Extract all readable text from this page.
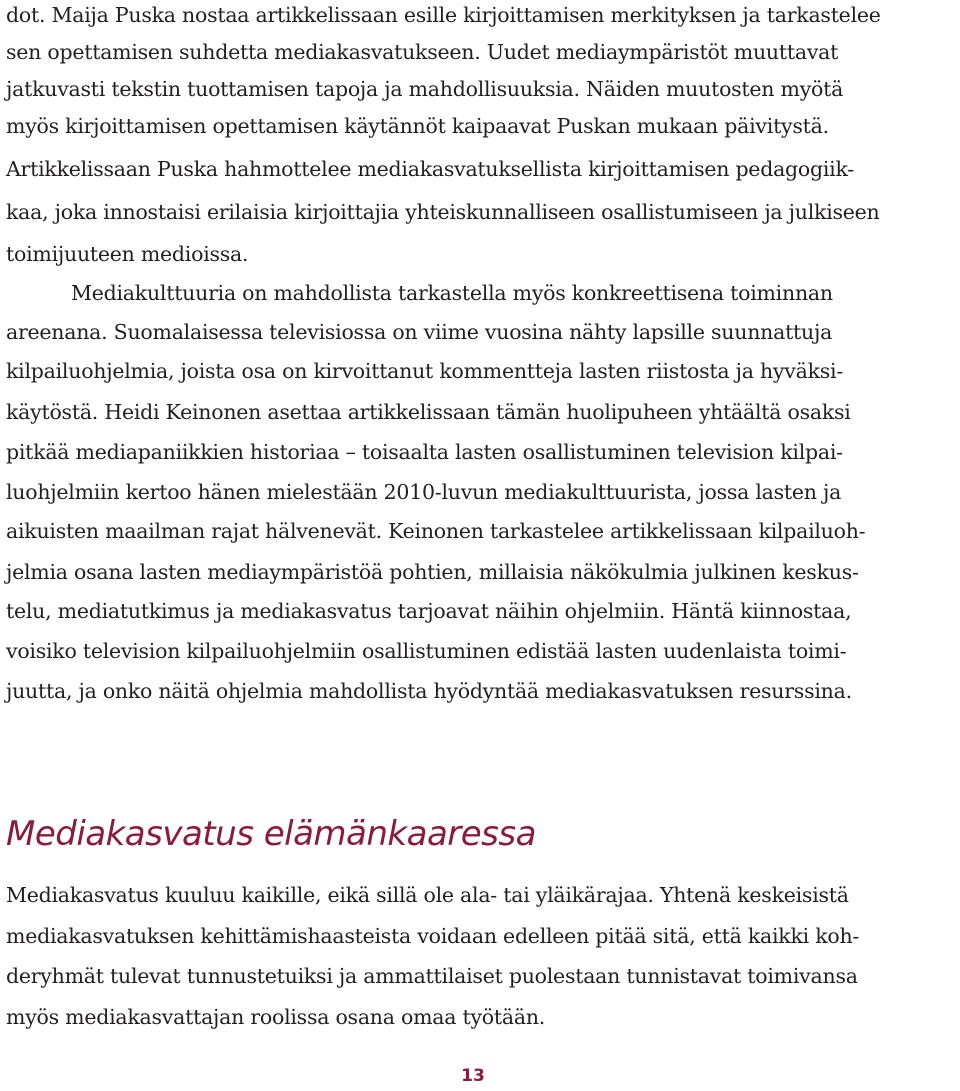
dot. Maija Puska nostaa artikkelissaan esille kirjoittamisen merkityksen ja tarkastelee
sen opettamisen suhdetta mediakasvatukseen. Uudet mediaympäristöt muuttavat
jatkuvasti tekstin tuottamisen tapoja ja mahdollisuuksia. Näiden muutosten myötä
myös kirjoittamisen opettamisen käytännöt kaipaavat Puskan mukaan päivitystä.
Artikkelissaan Puska hahmottelee mediakasvatuksellista kirjoittamisen pedagogiik-
kaa, joka innostaisi erilaisia kirjoittajia yhteiskunnalliseen osallistumiseen ja julkiseen
toimijuuteen medioissa.
Mediakulttuuria on mahdollista tarkastella myös konkreettisena toiminnan
areenana. Suomalaisessa televisiossa on viime vuosina nähty lapsille suunnattuja
kilpailuohjelmia, joista osa on kirvoittanut kommentteja lasten riistosta ja hyväksi-
käytöstä. Heidi Keinonen asettaa artikkelissaan tämän huolipuheen yhtäältä osaksi
pitkää mediapaniikkien historiaa – toisaalta lasten osallistuminen television kilpai-
luohjelmiin kertoo hänen mielestään 2010-luvun mediakulttuurista, jossa lasten ja
aikuisten maailman rajat hälvenevät. Keinonen tarkastelee artikkelissaan kilpailuoh-
jelmia osana lasten mediaympäristöä pohtien, millaisia näkökulmia julkinen keskus-
telu, mediatutkimus ja mediakasvatus tarjoavat näihin ohjelmiin. Häntä kiinnostaa,
voisiko television kilpailuohjelmiin osallistuminen edistää lasten uudenlaista toimi-
juutta, ja onko näitä ohjelmia mahdollista hyödyntää mediakasvatuksen resurssina.
Mediakasvatus elämänkaaressa
Mediakasvatus kuuluu kaikille, eikä sillä ole ala- tai yläikärajaa. Yhtenä keskeisistä
mediakasvatuksen kehittämishaasteista voidaan edelleen pitää sitä, että kaikki koh-
deryhmät tulevat tunnustetuiksi ja ammattilaiset puolestaan tunnistavat toimivansa
myös mediakasvattajan roolissa osana omaa työtään.
13
